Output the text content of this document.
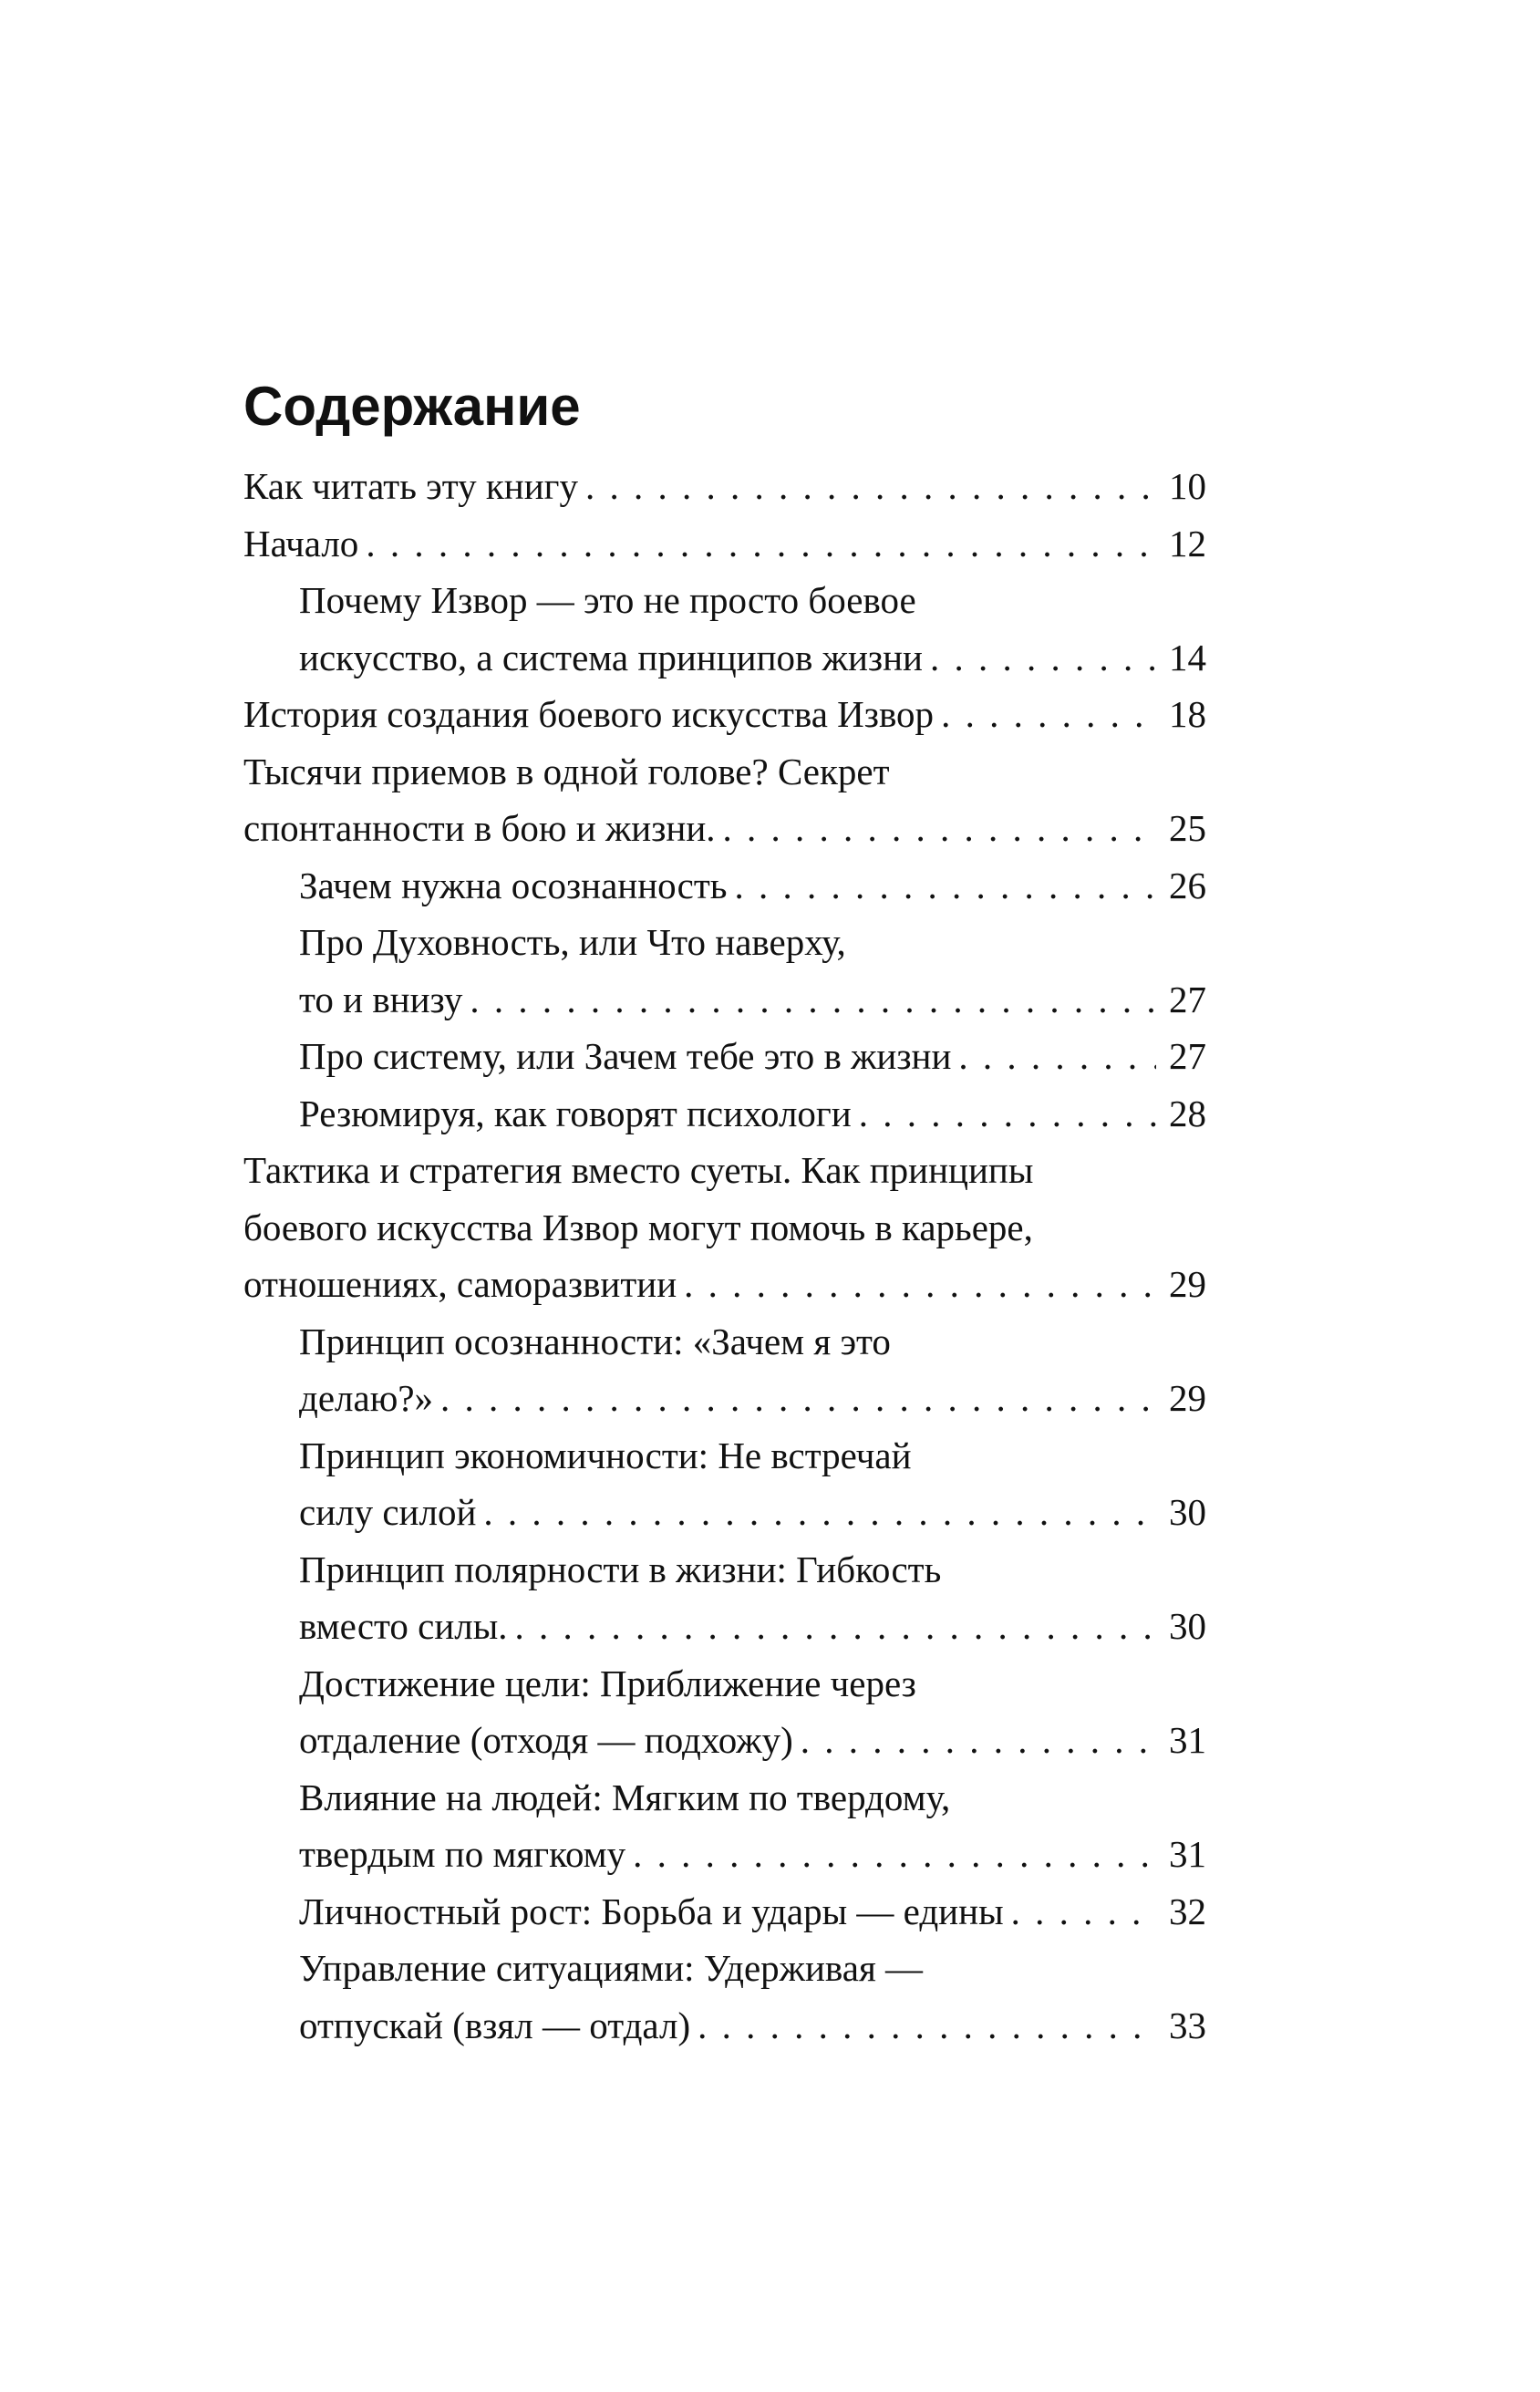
Содержание
Как читать эту книгу . . .	10
Начало . . .	12
Почему Извор — это не просто боевое
искусство, а система принципов жизни . . .	14
История создания боевого искусства Извор . . .	18
Тысячи приемов в одной голове? Секрет
спонтанности в бою и жизни. . . .	25
Зачем нужна осознанность . . .	26
Про Духовность, или Что наверху,
то и внизу . . .	27
Про систему, или Зачем тебе это в жизни . . .	27
Резюмируя, как говорят психологи . . .	28
Тактика и стратегия вместо суеты. Как принципы
боевого искусства Извор могут помочь в карьере,
отношениях, саморазвитии . . .	29
Принцип осознанности: «Зачем я это
делаю?» . . .	29
Принцип экономичности: Не встречай
силу силой . . .	30
Принцип полярности в жизни: Гибкость
вместо силы. . . .	30
Достижение цели: Приближение через
отдаление (отходя — подхожу) . . .	31
Влияние на людей: Мягким по твердому,
твердым по мягкому . . .	31
Личностный рост: Борьба и удары — едины . . .	32
Управление ситуациями: Удерживая —
отпускай (взял — отдал) . . .	33
